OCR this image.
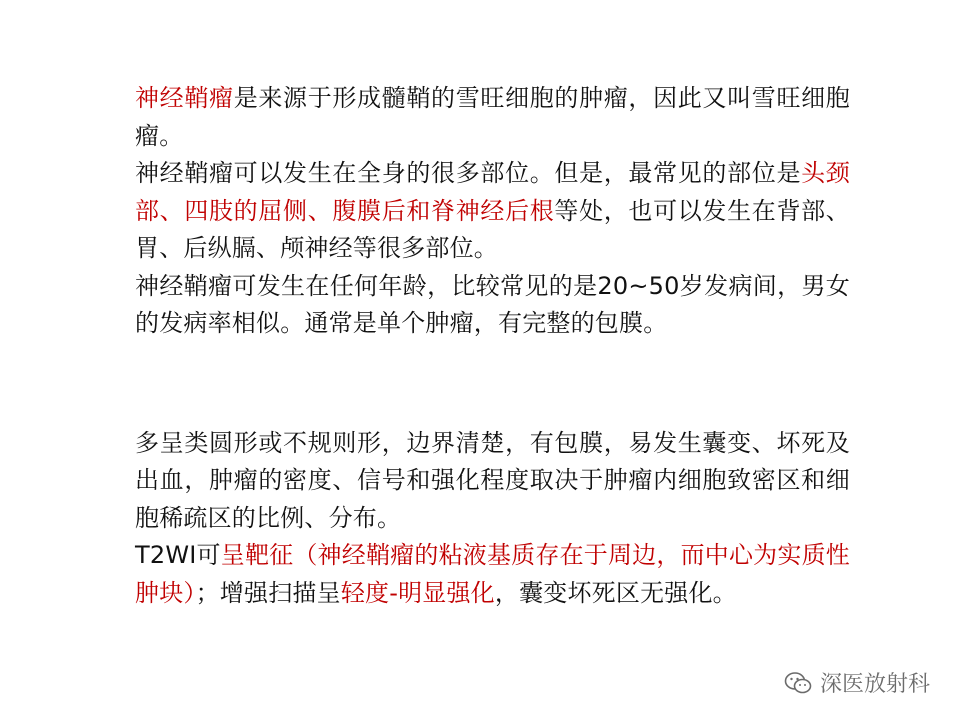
神经鞘瘤是来源于形成髓鞘的雪旺细胞的肿瘤，因此又叫雪旺细胞瘤。

神经鞘瘤可以发生在全身的很多部位。但是，最常见的部位是头颈部、四肢的屈侧、腹膜后和脊神经后根等处，也可以发生在背部、胃、后纵膈、颅神经等很多部位。

神经鞘瘤可发生在任何年龄，比较常见的是20~50岁发病间，男女的发病率相似。通常是单个肿瘤，有完整的包膜。

多呈类圆形或不规则形，边界清楚，有包膜，易发生囊变、坏死及出血，肿瘤的密度、信号和强化程度取决于肿瘤内细胞致密区和细胞稀疏区的比例、分布。

T2WI可呈靶征（神经鞘瘤的粘液基质存在于周边，而中心为实质性肿块）；增强扫描呈轻度-明显强化，囊变坏死区无强化。

深医放射科
